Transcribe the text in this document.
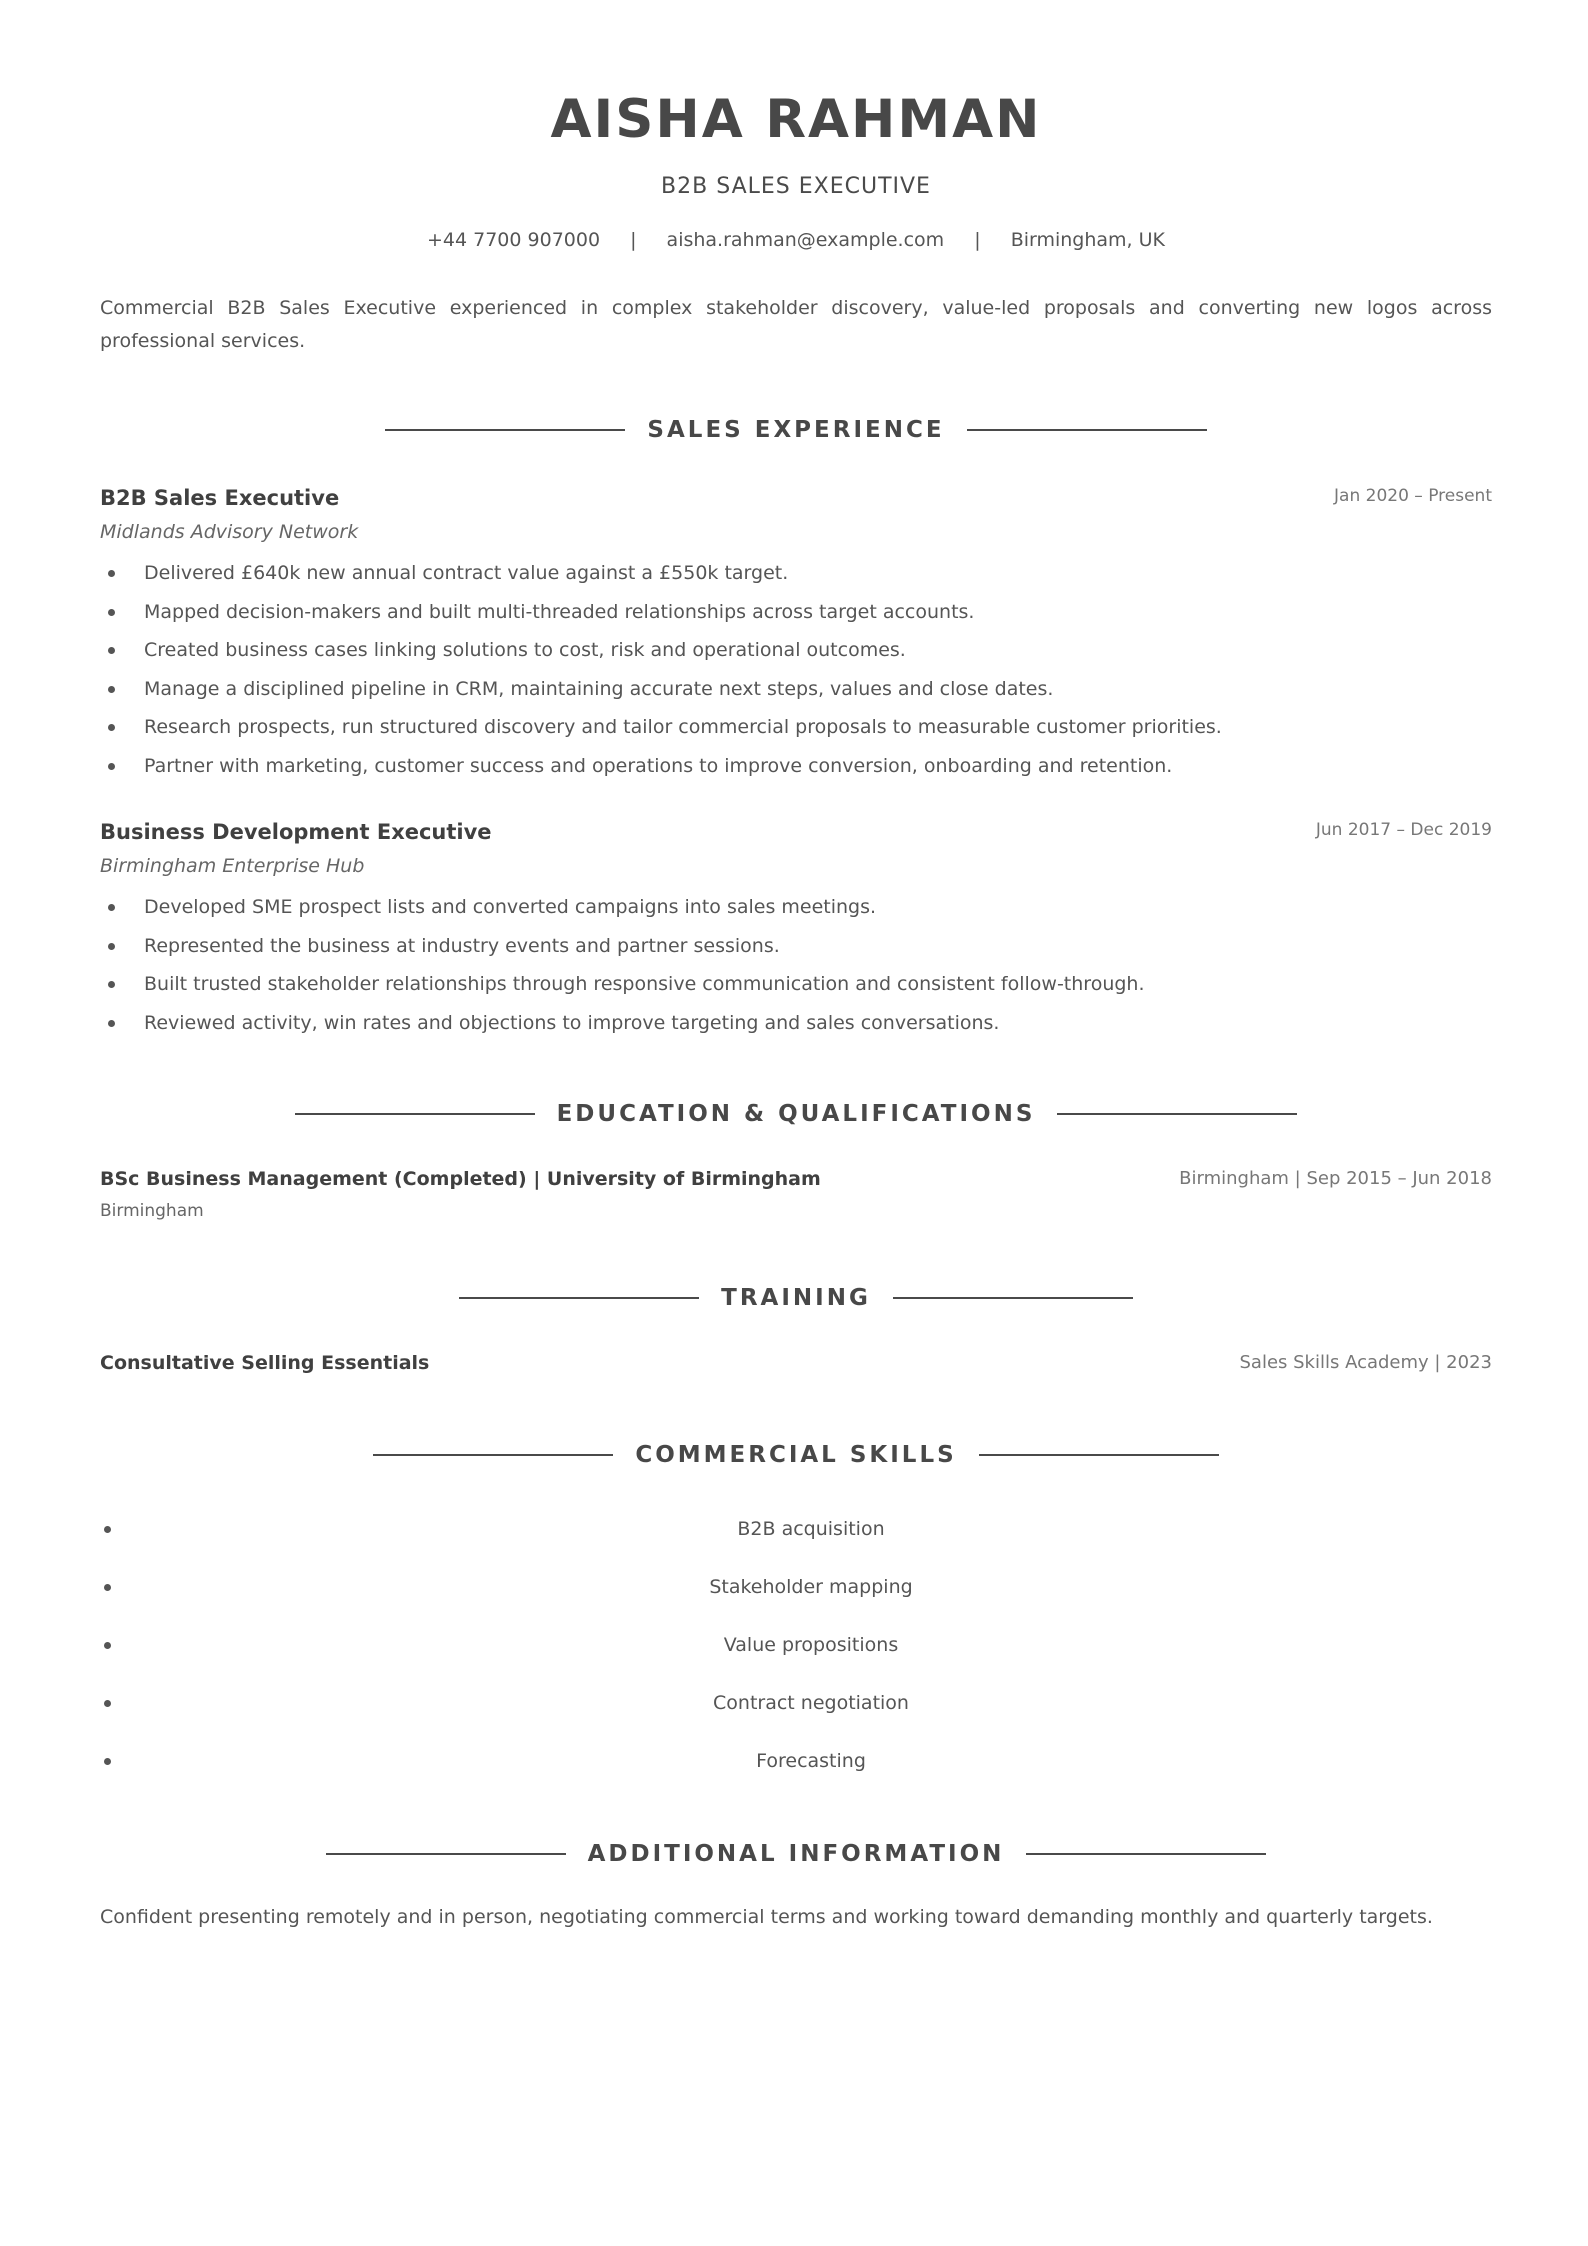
AISHA RAHMAN
B2B SALES EXECUTIVE
+44 7700 907000 | aisha.rahman@example.com | Birmingham, UK
Commercial B2B Sales Executive experienced in complex stakeholder discovery, value-led proposals and converting new logos across professional services.
SALES EXPERIENCE
B2B Sales Executive	Jan 2020 – Present
Midlands Advisory Network
Delivered £640k new annual contract value against a £550k target.
Mapped decision-makers and built multi-threaded relationships across target accounts.
Created business cases linking solutions to cost, risk and operational outcomes.
Manage a disciplined pipeline in CRM, maintaining accurate next steps, values and close dates.
Research prospects, run structured discovery and tailor commercial proposals to measurable customer priorities.
Partner with marketing, customer success and operations to improve conversion, onboarding and retention.
Business Development Executive	Jun 2017 – Dec 2019
Birmingham Enterprise Hub
Developed SME prospect lists and converted campaigns into sales meetings.
Represented the business at industry events and partner sessions.
Built trusted stakeholder relationships through responsive communication and consistent follow-through.
Reviewed activity, win rates and objections to improve targeting and sales conversations.
EDUCATION & QUALIFICATIONS
BSc Business Management (Completed) | University of Birmingham	Birmingham | Sep 2015 – Jun 2018
Birmingham
TRAINING
Consultative Selling Essentials	Sales Skills Academy | 2023
COMMERCIAL SKILLS
B2B acquisition
Stakeholder mapping
Value propositions
Contract negotiation
Forecasting
ADDITIONAL INFORMATION
Confident presenting remotely and in person, negotiating commercial terms and working toward demanding monthly and quarterly targets.
